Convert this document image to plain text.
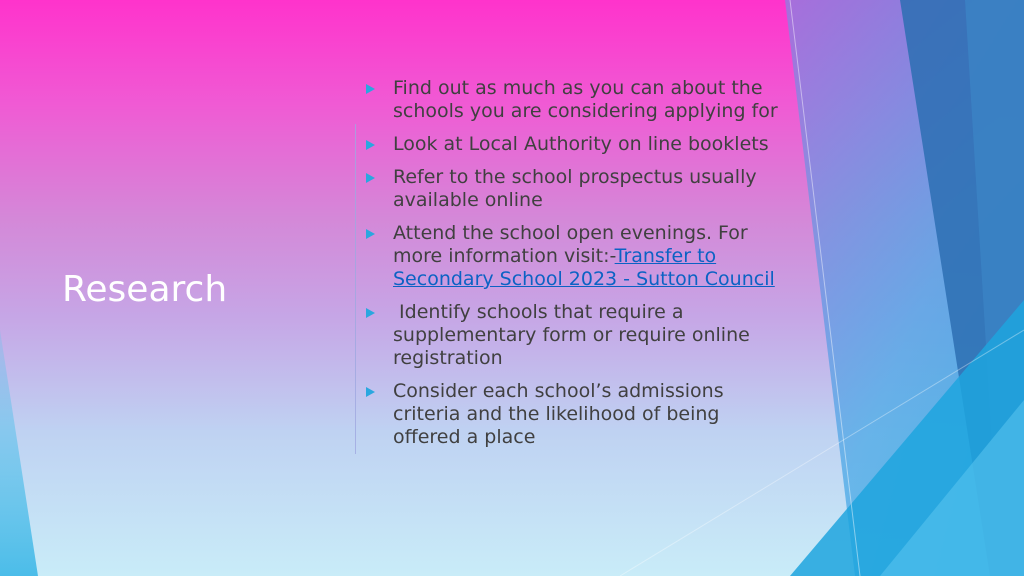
Research
Find out as much as you can about the schools you are considering applying for
Look at Local Authority on line booklets
Refer to the school prospectus usually available online
Attend the school open evenings. For more information visit:-Transfer to Secondary School 2023 - Sutton Council
Identify schools that require a supplementary form or require online registration
Consider each school’s admissions criteria and the likelihood of being offered a place
